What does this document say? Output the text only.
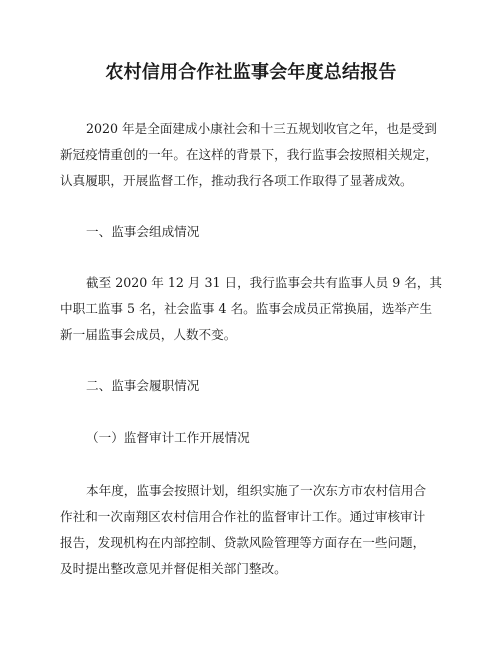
农村信用合作社监事会年度总结报告
2020 年是全面建成小康社会和十三五规划收官之年，也是受到
新冠疫情重创的一年。在这样的背景下，我行监事会按照相关规定，
认真履职，开展监督工作，推动我行各项工作取得了显著成效。
一、监事会组成情况
截至 2020 年 12 月 31 日，我行监事会共有监事人员 9 名，其
中职工监事 5 名，社会监事 4 名。监事会成员正常换届，选举产生
新一届监事会成员，人数不变。
二、监事会履职情况
（一）监督审计工作开展情况
本年度，监事会按照计划，组织实施了一次东方市农村信用合
作社和一次南翔区农村信用合作社的监督审计工作。通过审核审计
报告，发现机构在内部控制、贷款风险管理等方面存在一些问题，
及时提出整改意见并督促相关部门整改。
